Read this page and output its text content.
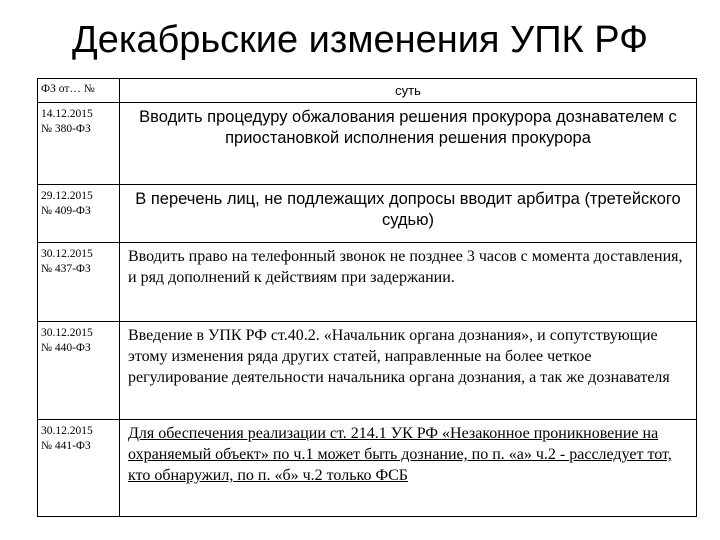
Декабрьские изменения УПК РФ
ФЗ от… №	суть

14.12.2015
№ 380-ФЗ	Вводить процедуру обжалования решения прокурора дознавателем с приостановкой исполнения решения прокурора

29.12.2015
№ 409-ФЗ	В перечень лиц, не подлежащих допросы вводит арбитра (третейского судью)

30.12.2015
№ 437-ФЗ	Вводить право на телефонный звонок не позднее 3 часов с момента доставления, и ряд дополнений к действиям при задержании.

30.12.2015
№ 440-ФЗ	Введение в УПК РФ ст.40.2. «Начальник органа дознания», и сопутствующие этому изменения ряда других статей, направленные на более четкое регулирование деятельности начальника органа дознания, а так же дознавателя

30.12.2015
№ 441-ФЗ	Для обеспечения реализации ст. 214.1 УК РФ «Незаконное проникновение на охраняемый объект» по ч.1 может быть дознание, по п. «а» ч.2 - расследует тот, кто обнаружил, по п. «б» ч.2 только ФСБ
